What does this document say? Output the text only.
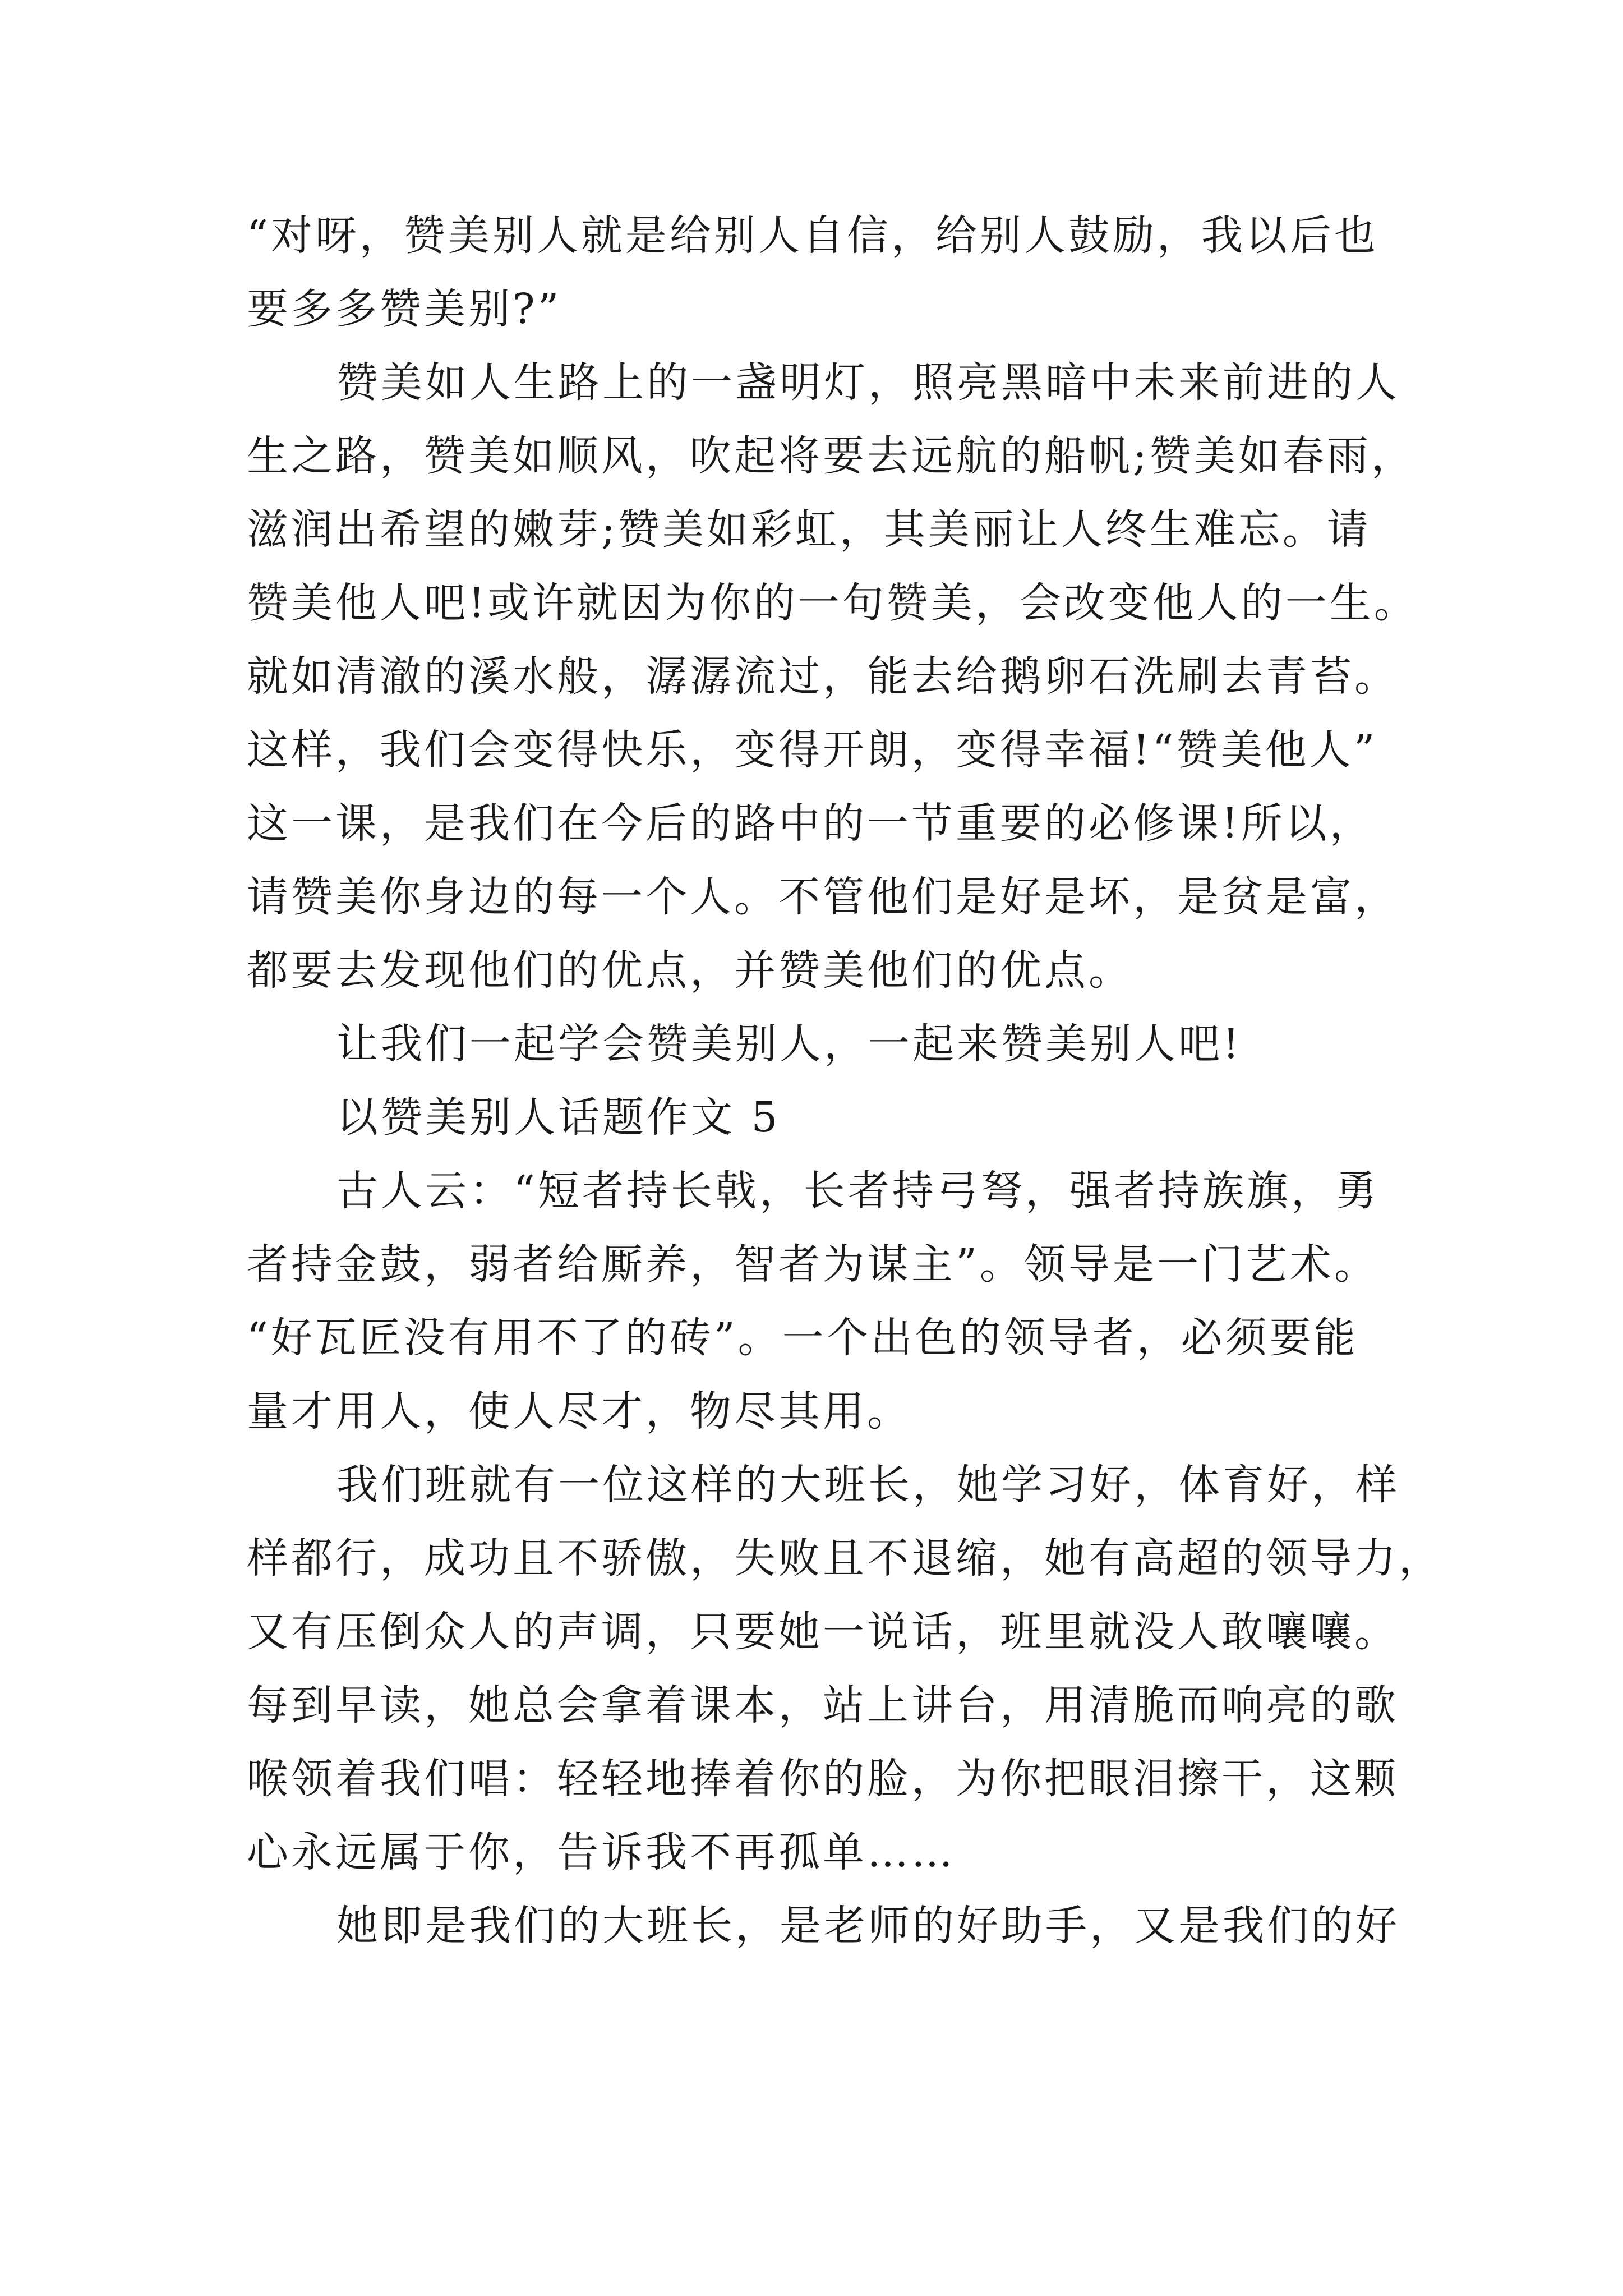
“对呀，赞美别人就是给别人自信，给别人鼓励，我以后也
要多多赞美别?”

赞美如人生路上的一盏明灯，照亮黑暗中未来前进的人
生之路，赞美如顺风，吹起将要去远航的船帆;赞美如春雨，
滋润出希望的嫩芽;赞美如彩虹，其美丽让人终生难忘。请
赞美他人吧!或许就因为你的一句赞美，会改变他人的一生。
就如清澈的溪水般，潺潺流过，能去给鹅卵石洗刷去青苔。
这样，我们会变得快乐，变得开朗，变得幸福!“赞美他人”
这一课，是我们在今后的路中的一节重要的必修课!所以，
请赞美你身边的每一个人。不管他们是好是坏，是贫是富，
都要去发现他们的优点，并赞美他们的优点。

让我们一起学会赞美别人，一起来赞美别人吧!

以赞美别人话题作文 5

古人云：“短者持长戟，长者持弓弩，强者持族旗，勇
者持金鼓，弱者给厮养，智者为谋主”。领导是一门艺术。
“好瓦匠没有用不了的砖”。一个出色的领导者，必须要能
量才用人，使人尽才，物尽其用。

我们班就有一位这样的大班长，她学习好，体育好，样
样都行，成功且不骄傲，失败且不退缩，她有高超的领导力，
又有压倒众人的声调，只要她一说话，班里就没人敢嚷嚷。
每到早读，她总会拿着课本，站上讲台，用清脆而响亮的歌
喉领着我们唱：轻轻地捧着你的脸，为你把眼泪擦干，这颗
心永远属于你，告诉我不再孤单……

她即是我们的大班长，是老师的好助手，又是我们的好
